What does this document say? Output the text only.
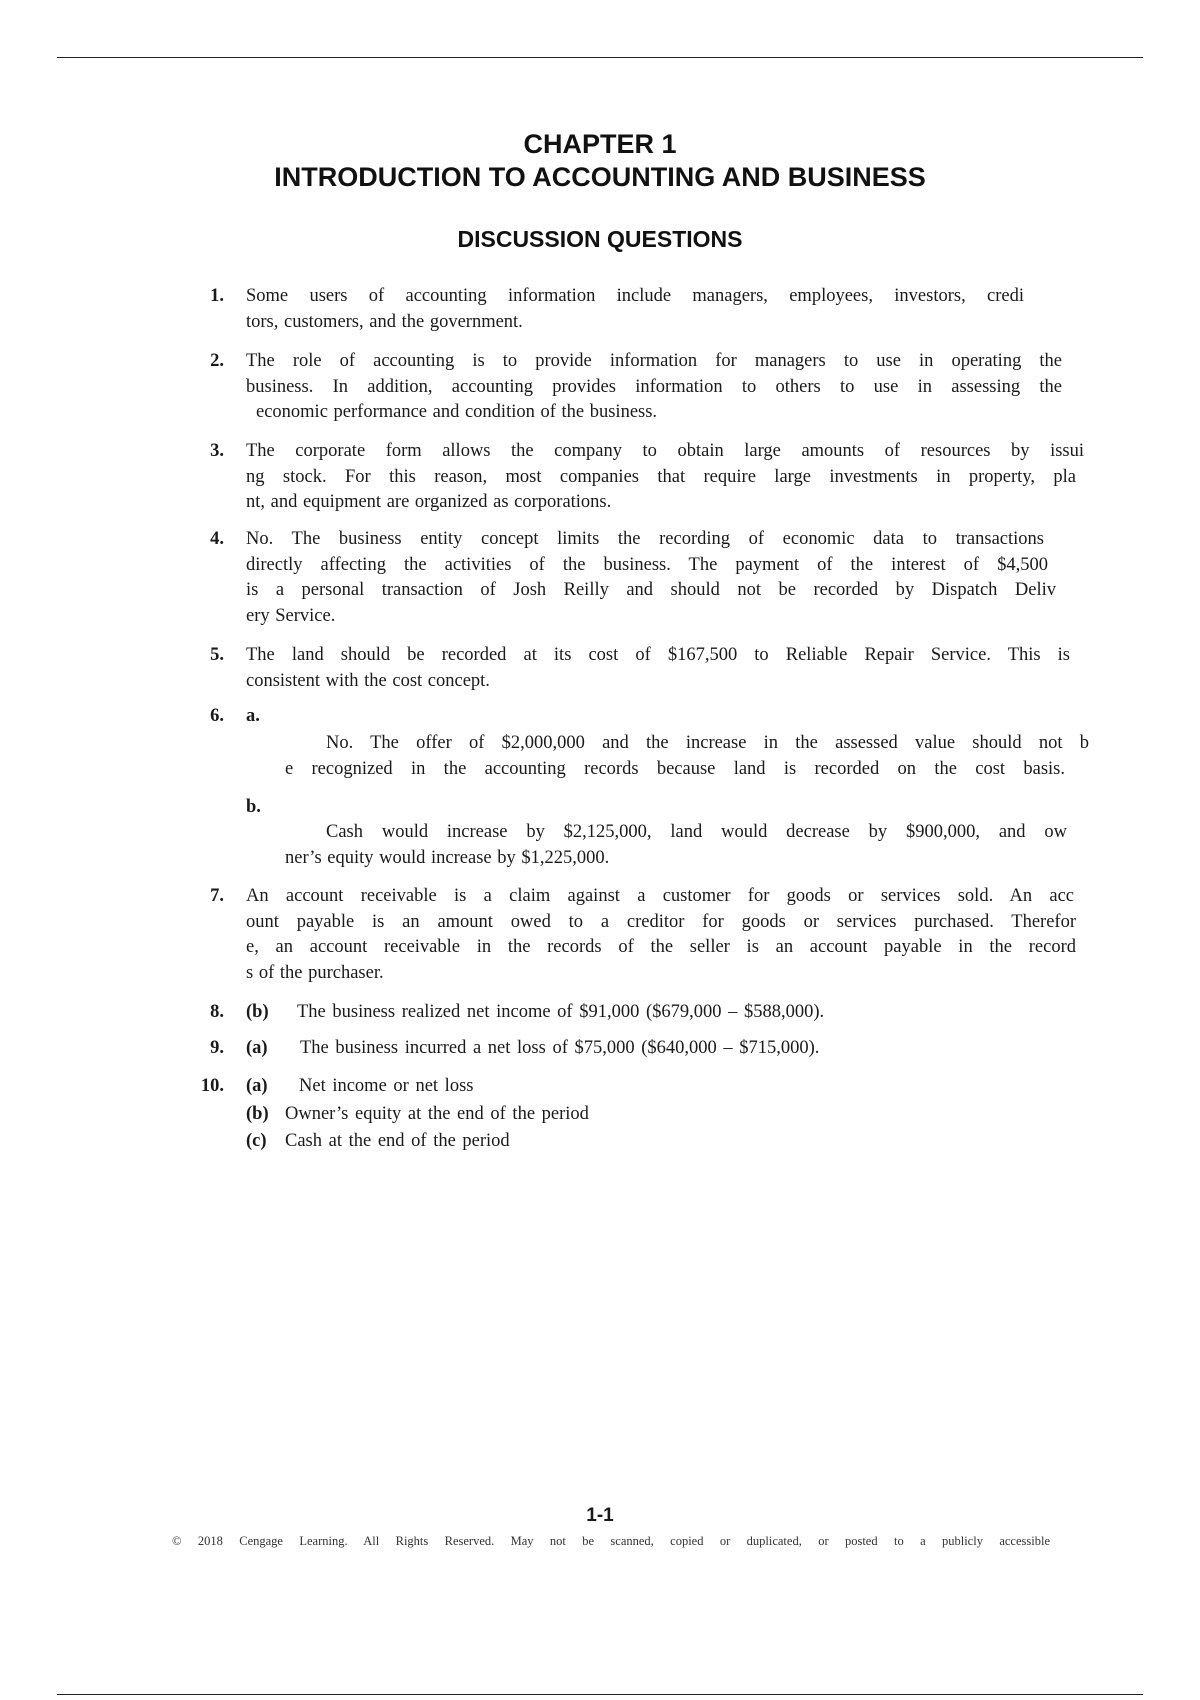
CHAPTER 1
INTRODUCTION TO ACCOUNTING AND BUSINESS
DISCUSSION QUESTIONS
1. Some users of accounting information include managers, employees, investors, credi
tors, customers, and the government.
2. The role of accounting is to provide information for managers to use in operating the
business. In addition, accounting provides information to others to use in assessing the
economic performance and condition of the business.
3. The corporate form allows the company to obtain large amounts of resources by issui
ng stock. For this reason, most companies that require large investments in property, pla
nt, and equipment are organized as corporations.
4. No. The business entity concept limits the recording of economic data to transactions
directly affecting the activities of the business. The payment of the interest of $4,500
is a personal transaction of Josh Reilly and should not be recorded by Dispatch Deliv
ery Service.
5. The land should be recorded at its cost of $167,500 to Reliable Repair Service. This is
consistent with the cost concept.
6. a.
No. The offer of $2,000,000 and the increase in the assessed value should not b
e recognized in the accounting records because land is recorded on the cost basis.
b.
Cash would increase by $2,125,000, land would decrease by $900,000, and ow
ner’s equity would increase by $1,225,000.
7. An account receivable is a claim against a customer for goods or services sold. An acc
ount payable is an amount owed to a creditor for goods or services purchased. Therefor
e, an account receivable in the records of the seller is an account payable in the record
s of the purchaser.
8. (b) The business realized net income of $91,000 ($679,000 – $588,000).
9. (a) The business incurred a net loss of $75,000 ($640,000 – $715,000).
10. (a) Net income or net loss
(b) Owner’s equity at the end of the period
(c) Cash at the end of the period
1-1
© 2018 Cengage Learning. All Rights Reserved. May not be scanned, copied or duplicated, or posted to a publicly accessible
